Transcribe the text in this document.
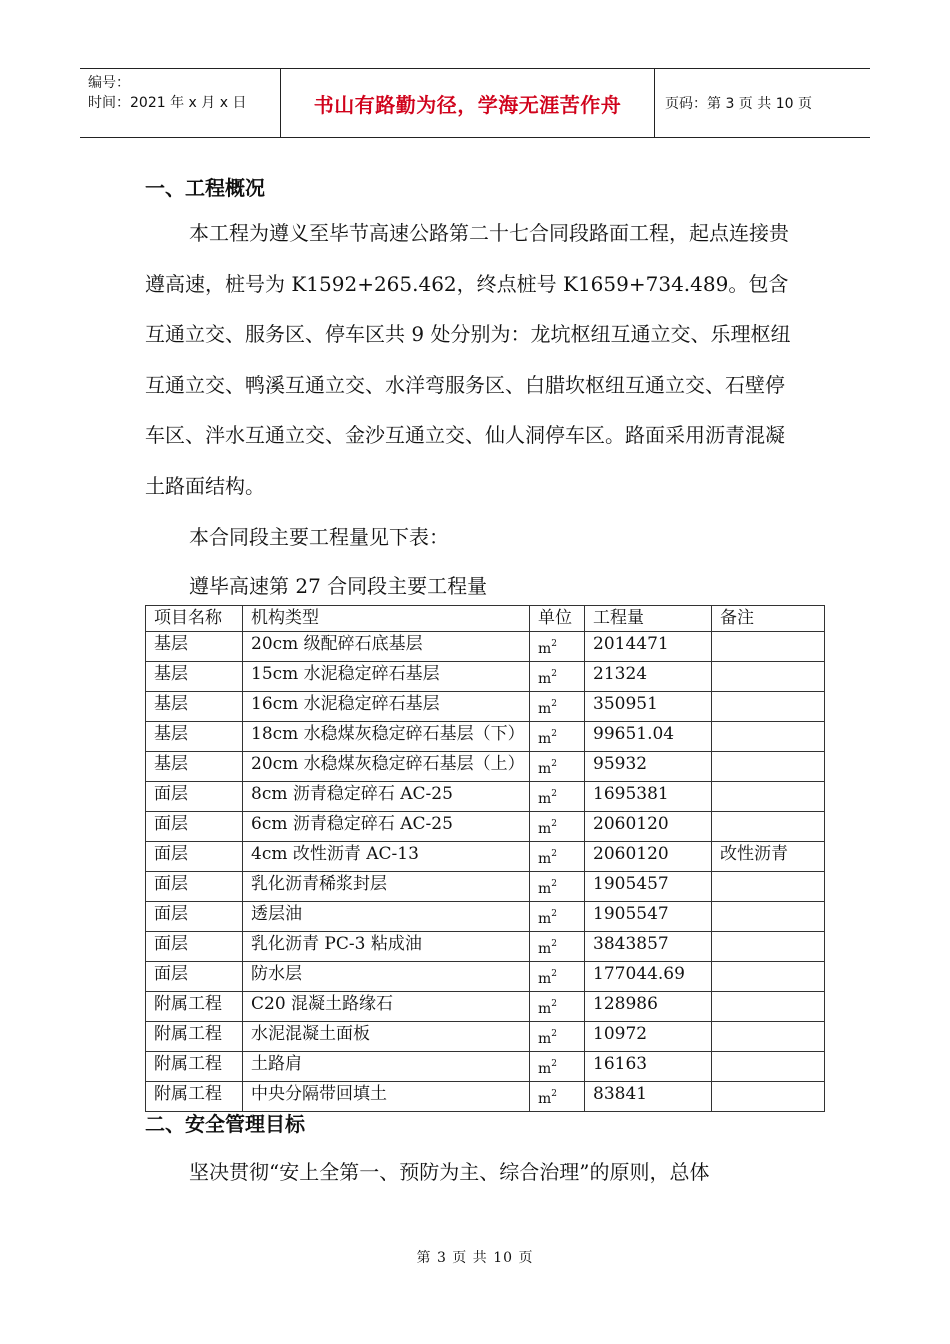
编号：
时间：2021 年 x 月 x 日	书山有路勤为径，学海无涯苦作舟	页码：第 3 页 共 10 页
一、工程概况
本工程为遵义至毕节高速公路第二十七合同段路面工程，起点连接贵遵高速，桩号为 K1592+265.462，终点桩号 K1659+734.489。包含互通立交、服务区、停车区共 9 处分别为：龙坑枢纽互通立交、乐理枢纽互通立交、鸭溪互通立交、水洋弯服务区、白腊坎枢纽互通立交、石壁停车区、泮水互通立交、金沙互通立交、仙人洞停车区。路面采用沥青混凝土路面结构。
本合同段主要工程量见下表：
遵毕高速第 27 合同段主要工程量
项目名称	机构类型	单位	工程量	备注
基层	20cm 级配碎石底基层	$m^2$	2014471	
基层	15cm 水泥稳定碎石基层	$m^2$	21324	
基层	16cm 水泥稳定碎石基层	$m^2$	350951	
基层	18cm 水稳煤灰稳定碎石基层（下）	$m^2$	99651.04	
基层	20cm 水稳煤灰稳定碎石基层（上）	$m^2$	95932	
面层	8cm 沥青稳定碎石 AC-25	$m^2$	1695381	
面层	6cm 沥青稳定碎石 AC-25	$m^2$	2060120	
面层	4cm 改性沥青 AC-13	$m^2$	2060120	改性沥青
面层	乳化沥青稀浆封层	$m^2$	1905457	
面层	透层油	$m^2$	1905547	
面层	乳化沥青 PC-3 粘成油	$m^2$	3843857	
面层	防水层	$m^2$	177044.69	
附属工程	C20 混凝土路缘石	$m^2$	128986	
附属工程	水泥混凝土面板	$m^2$	10972	
附属工程	土路肩	$m^2$	16163	
附属工程	中央分隔带回填土	$m^2$	83841	
二、安全管理目标
坚决贯彻“安上全第一、预防为主、综合治理”的原则，总体
第 3 页 共 10 页
